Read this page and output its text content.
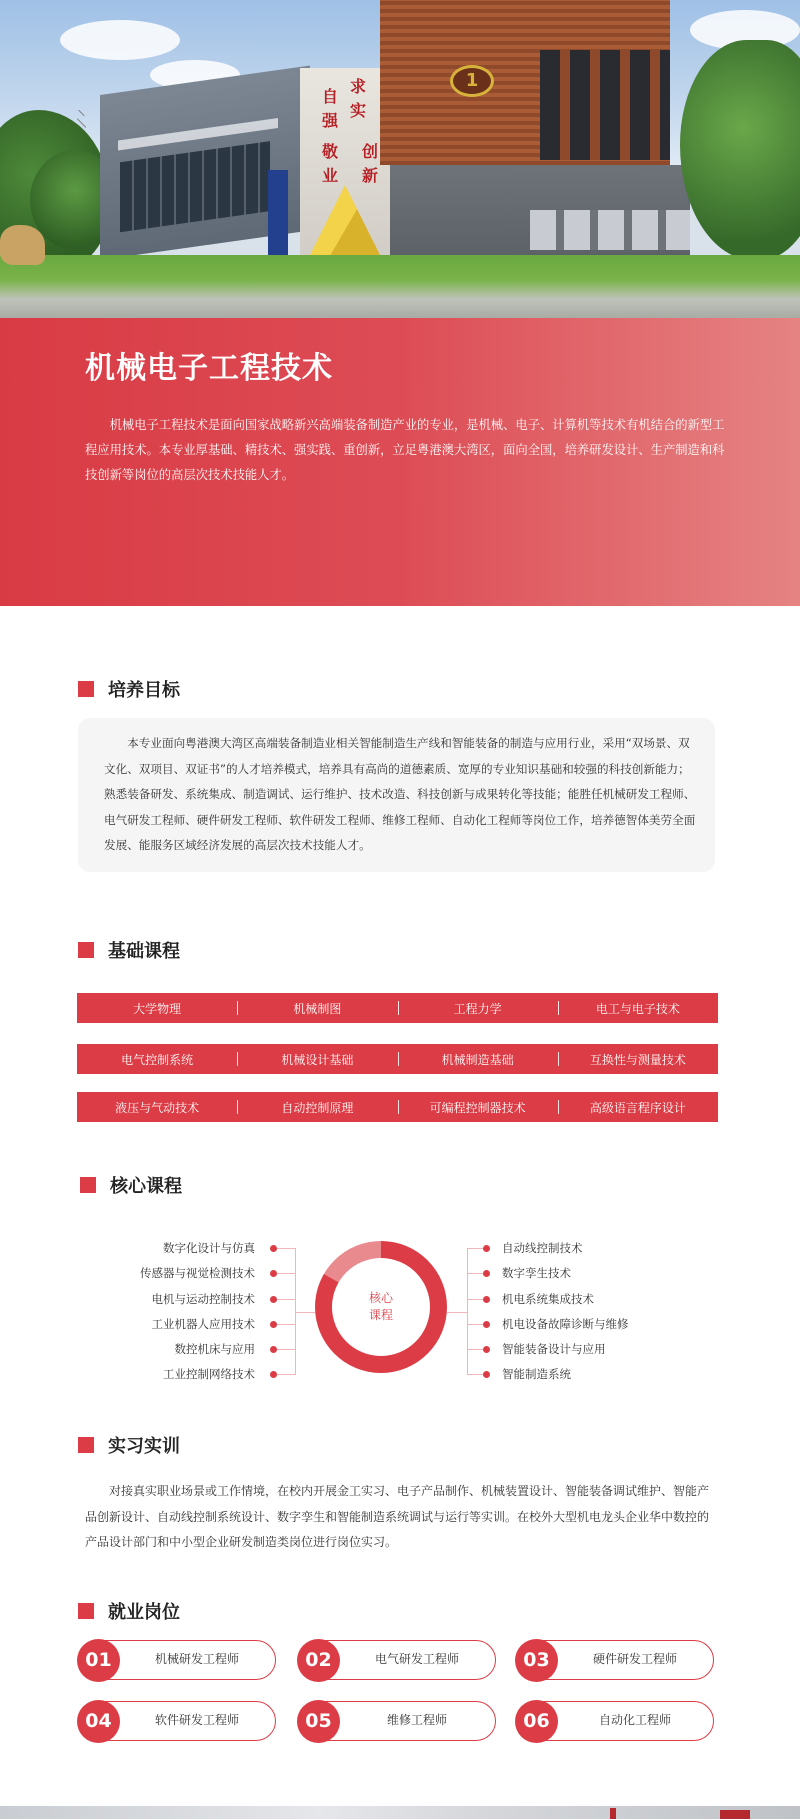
求
实
创
新
自
强
敬
业
1
机械电子工程技术

机械电子工程技术是面向国家战略新兴高端装备制造产业的专业，是机械、电子、计算机等技术有机结合的新型工程应用技术。本专业厚基础、精技术、强实践、重创新，立足粤港澳大湾区，面向全国，培养研发设计、生产制造和科技创新等岗位的高层次技术技能人才。

培养目标

本专业面向粤港澳大湾区高端装备制造业相关智能制造生产线和智能装备的制造与应用行业，采用“双场景、双文化、双项目、双证书”的人才培养模式，培养具有高尚的道德素质、宽厚的专业知识基础和较强的科技创新能力；熟悉装备研发、系统集成、制造调试、运行维护、技术改造、科技创新与成果转化等技能；能胜任机械研发工程师、电气研发工程师、硬件研发工程师、软件研发工程师、维修工程师、自动化工程师等岗位工作，培养德智体美劳全面发展、能服务区域经济发展的高层次技术技能人才。

基础课程
大学物理	机械制图	工程力学	电工与电子技术
电气控制系统	机械设计基础	机械制造基础	互换性与测量技术
液压与气动技术	自动控制原理	可编程控制器技术	高级语言程序设计
核心课程
数字化设计与仿真
传感器与视觉检测技术
电机与运动控制技术
工业机器人应用技术
数控机床与应用
工业控制网络技术
核心
课程
自动线控制技术
数字孪生技术
机电系统集成技术
机电设备故障诊断与维修
智能装备设计与应用
智能制造系统
实习实训

对接真实职业场景或工作情境，在校内开展金工实习、电子产品制作、机械装置设计、智能装备调试维护、智能产品创新设计、自动线控制系统设计、数字孪生和智能制造系统调试与运行等实训。在校外大型机电龙头企业华中数控的产品设计部门和中小型企业研发制造类岗位进行岗位实习。

就业岗位
01	机械研发工程师	02	电气研发工程师	03	硬件研发工程师
04	软件研发工程师	05	维修工程师	06	自动化工程师
